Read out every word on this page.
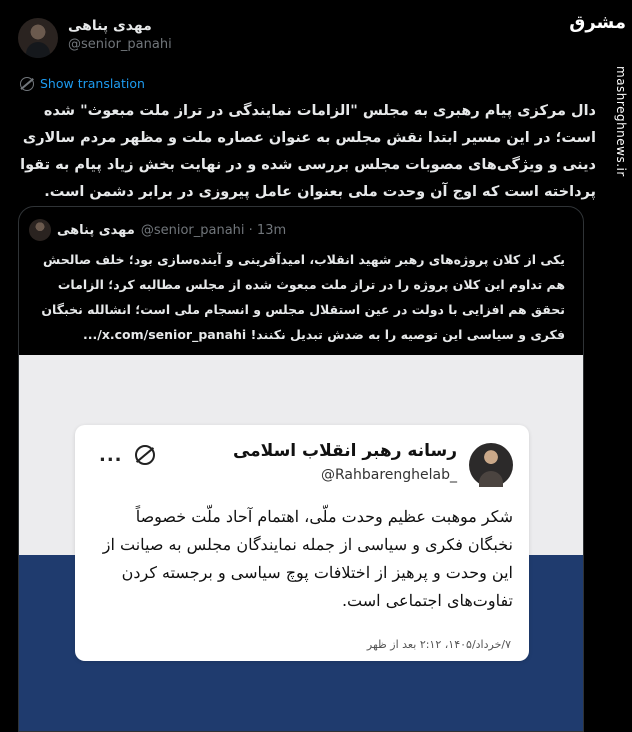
مهدی پناهی
@senior_panahi
مشرق
mashreghnews.ir
Show translation
دال مرکزی پیام رهبری به مجلس "الزامات نمایندگی در تراز ملت مبعوث" شده است؛ در این مسیر ابتدا نقش مجلس به عنوان عصاره ملت و مظهر مردم سالاری دینی و ویژگی‌های مصوبات مجلس بررسی شده و در نهایت بخش زیاد پیام به تقوا پرداخته است که اوج آن وحدت ملی بعنوان عامل پیروزی در برابر دشمن است.
مهدی پناهی @senior_panahi · 13m
یکی از کلان پروژه‌های رهبر شهید انقلاب، امیدآفرینی و آینده‌سازی بود؛ خلف صالحش هم تداوم این کلان پروژه را در تراز ملت مبعوث شده از مجلس مطالبه کرد؛ الزامات تحقق هم افزایی با دولت در عین استقلال مجلس و انسجام ملی است؛ انشالله نخبگان فکری و سیاسی این توصیه را به ضدش تبدیل نکنند! x.com/senior_panahi/...
رسانه رهبر انقلاب اسلامی
@Rahbarenghelab_
...
شکر موهبت عظیم وحدت ملّی، اهتمام آحاد ملّت خصوصاً نخبگان فکری و سیاسی از جمله نمایندگان مجلس به صیانت از این وحدت و پرهیز از اختلافات پوچ سیاسی و برجسته کردن تفاوت‌های اجتماعی است.
۷/خرداد/۱۴۰۵، ۲:۱۲ بعد از ظهر
